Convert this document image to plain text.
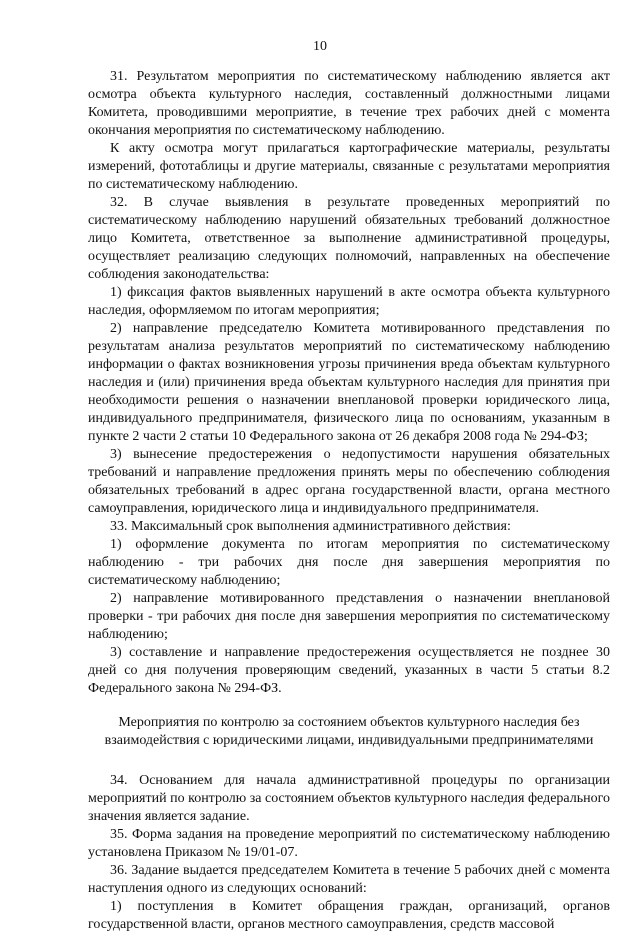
10

31. Результатом мероприятия по систематическому наблюдению является акт осмотра объекта культурного наследия, составленный должностными лицами Комитета, проводившими мероприятие, в течение трех рабочих дней с момента окончания мероприятия по систематическому наблюдению.

К акту осмотра могут прилагаться картографические материалы, результаты измерений, фототаблицы и другие материалы, связанные с результатами мероприятия по систематическому наблюдению.

32. В случае выявления в результате проведенных мероприятий по систематическому наблюдению нарушений обязательных требований должностное лицо Комитета, ответственное за выполнение административной процедуры, осуществляет реализацию следующих полномочий, направленных на обеспечение соблюдения законодательства:

1) фиксация фактов выявленных нарушений в акте осмотра объекта культурного наследия, оформляемом по итогам мероприятия;

2) направление председателю Комитета мотивированного представления по результатам анализа результатов мероприятий по систематическому наблюдению информации о фактах возникновения угрозы причинения вреда объектам культурного наследия и (или) причинения вреда объектам культурного наследия для принятия при необходимости решения о назначении внеплановой проверки юридического лица, индивидуального предпринимателя, физического лица по основаниям, указанным в пункте 2 части 2 статьи 10 Федерального закона от 26 декабря 2008 года № 294-ФЗ;

3) вынесение предостережения о недопустимости нарушения обязательных требований и направление предложения принять меры по обеспечению соблюдения обязательных требований в адрес органа государственной власти, органа местного самоуправления, юридического лица и индивидуального предпринимателя.

33. Максимальный срок выполнения административного действия:

1) оформление документа по итогам мероприятия по систематическому наблюдению - три рабочих дня после дня завершения мероприятия по систематическому наблюдению;

2) направление мотивированного представления о назначении внеплановой проверки - три рабочих дня после дня завершения мероприятия по систематическому наблюдению;

3) составление и направление предостережения осуществляется не позднее 30 дней со дня получения проверяющим сведений, указанных в части 5 статьи 8.2 Федерального закона № 294-ФЗ.

Мероприятия по контролю за состоянием объектов культурного наследия без взаимодействия с юридическими лицами, индивидуальными предпринимателями

34. Основанием для начала административной процедуры по организации мероприятий по контролю за состоянием объектов культурного наследия федерального значения является задание.

35. Форма задания на проведение мероприятий по систематическому наблюдению установлена Приказом № 19/01-07.

36. Задание выдается председателем Комитета в течение 5 рабочих дней с момента наступления одного из следующих оснований:

1) поступления в Комитет обращения граждан, организаций, органов государственной власти, органов местного самоуправления, средств массовой
